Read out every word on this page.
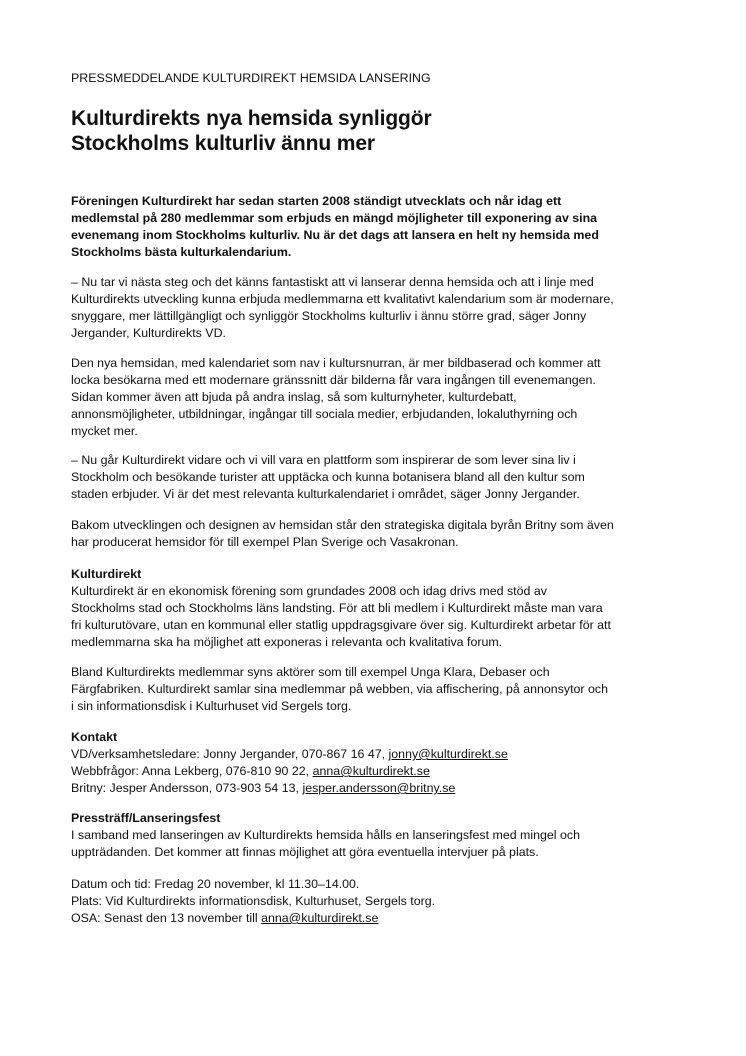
PRESSMEDDELANDE KULTURDIREKT HEMSIDA LANSERING
Kulturdirekts nya hemsida synliggör
Stockholms kulturliv ännu mer

Föreningen Kulturdirekt har sedan starten 2008 ständigt utvecklats och når idag ett
medlemstal på 280 medlemmar som erbjuds en mängd möjligheter till exponering av sina
evenemang inom Stockholms kulturliv. Nu är det dags att lansera en helt ny hemsida med
Stockholms bästa kulturkalendarium.

– Nu tar vi nästa steg och det känns fantastiskt att vi lanserar denna hemsida och att i linje med
Kulturdirekts utveckling kunna erbjuda medlemmarna ett kvalitativt kalendarium som är modernare,
snyggare, mer lättillgängligt och synliggör Stockholms kulturliv i ännu större grad, säger Jonny
Jergander, Kulturdirekts VD.

Den nya hemsidan, med kalendariet som nav i kultursnurran, är mer bildbaserad och kommer att
locka besökarna med ett modernare gränssnitt där bilderna får vara ingången till evenemangen.
Sidan kommer även att bjuda på andra inslag, så som kulturnyheter, kulturdebatt,
annonsmöjligheter, utbildningar, ingångar till sociala medier, erbjudanden, lokaluthyrning och
mycket mer.

– Nu går Kulturdirekt vidare och vi vill vara en plattform som inspirerar de som lever sina liv i
Stockholm och besökande turister att upptäcka och kunna botanisera bland all den kultur som
staden erbjuder. Vi är det mest relevanta kulturkalendariet i området, säger Jonny Jergander.

Bakom utvecklingen och designen av hemsidan står den strategiska digitala byrån Britny som även
har producerat hemsidor för till exempel Plan Sverige och Vasakronan.

Kulturdirekt
Kulturdirekt är en ekonomisk förening som grundades 2008 och idag drivs med stöd av
Stockholms stad och Stockholms läns landsting. För att bli medlem i Kulturdirekt måste man vara
fri kulturutövare, utan en kommunal eller statlig uppdragsgivare över sig. Kulturdirekt arbetar för att
medlemmarna ska ha möjlighet att exponeras i relevanta och kvalitativa forum.

Bland Kulturdirekts medlemmar syns aktörer som till exempel Unga Klara, Debaser och
Färgfabriken. Kulturdirekt samlar sina medlemmar på webben, via affischering, på annonsytor och
i sin informationsdisk i Kulturhuset vid Sergels torg.

Kontakt
VD/verksamhetsledare: Jonny Jergander, 070-867 16 47, jonny@kulturdirekt.se
Webbfrågor: Anna Lekberg, 076-810 90 22, anna@kulturdirekt.se
Britny: Jesper Andersson, 073-903 54 13, jesper.andersson@britny.se
Pressträff/Lanseringsfest
I samband med lanseringen av Kulturdirekts hemsida hålls en lanseringsfest med mingel och
uppträdanden. Det kommer att finnas möjlighet att göra eventuella intervjuer på plats.
Datum och tid: Fredag 20 november, kl 11.30–14.00.
Plats: Vid Kulturdirekts informationsdisk, Kulturhuset, Sergels torg.
OSA: Senast den 13 november till anna@kulturdirekt.se
